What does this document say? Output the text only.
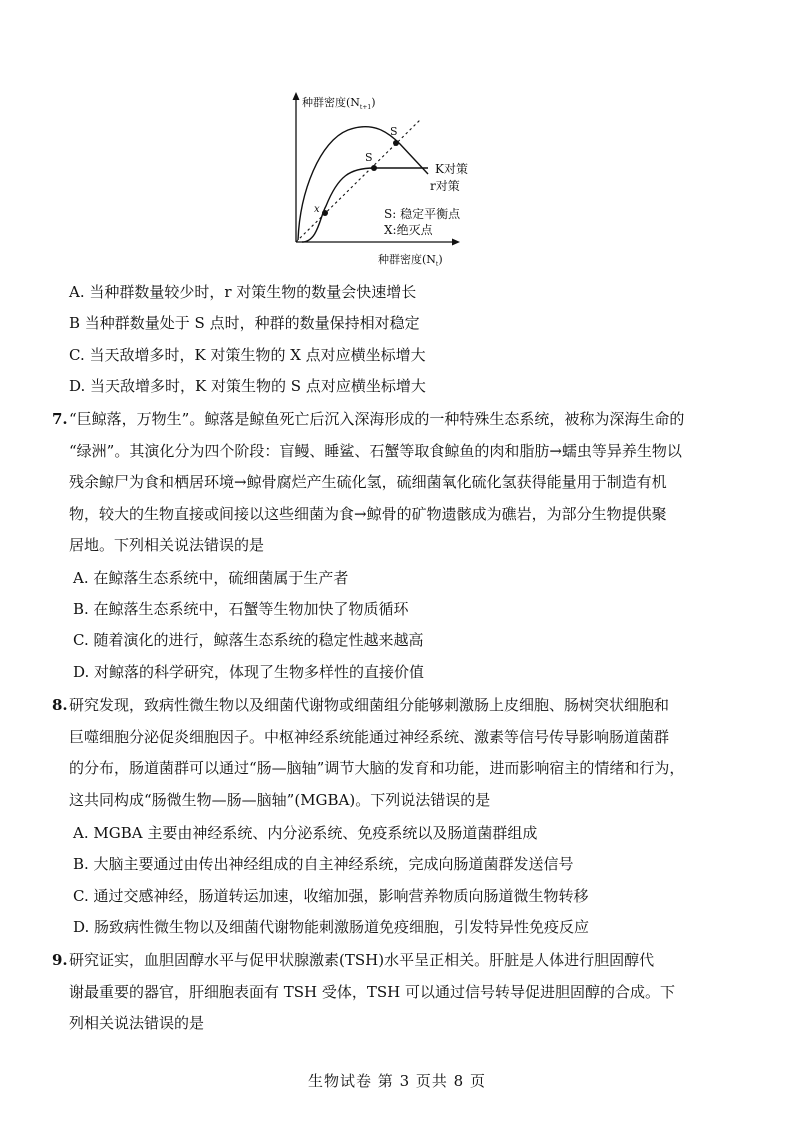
种群密度$(N_{t+1})$
S
S
x
K对策
r对策
S: 稳定平衡点
X:绝灭点
种群密度$(N_t)$
A. 当种群数量较少时，r 对策生物的数量会快速增长
B 当种群数量处于 S 点时，种群的数量保持相对稳定
C. 当天敌增多时，K 对策生物的 X 点对应横坐标增大
D. 当天敌增多时，K 对策生物的 S 点对应横坐标增大
7. “巨鲸落，万物生”。鲸落是鲸鱼死亡后沉入深海形成的一种特殊生态系统，被称为深海生命的
“绿洲”。其演化分为四个阶段：盲鳗、睡鲨、石蟹等取食鲸鱼的肉和脂肪→蠕虫等异养生物以
残余鲸尸为食和栖居环境→鲸骨腐烂产生硫化氢，硫细菌氧化硫化氢获得能量用于制造有机
物，较大的生物直接或间接以这些细菌为食→鲸骨的矿物遗骸成为礁岩，为部分生物提供聚
居地。下列相关说法错误的是
A. 在鲸落生态系统中，硫细菌属于生产者
B. 在鲸落生态系统中，石蟹等生物加快了物质循环
C. 随着演化的进行，鲸落生态系统的稳定性越来越高
D. 对鲸落的科学研究，体现了生物多样性的直接价值
8. 研究发现，致病性微生物以及细菌代谢物或细菌组分能够刺激肠上皮细胞、肠树突状细胞和
巨噬细胞分泌促炎细胞因子。中枢神经系统能通过神经系统、激素等信号传导影响肠道菌群
的分布，肠道菌群可以通过“肠—脑轴”调节大脑的发育和功能，进而影响宿主的情绪和行为，
这共同构成“肠微生物—肠—脑轴”(MGBA)。下列说法错误的是
A. MGBA 主要由神经系统、内分泌系统、免疫系统以及肠道菌群组成
B. 大脑主要通过由传出神经组成的自主神经系统，完成向肠道菌群发送信号
C. 通过交感神经，肠道转运加速，收缩加强，影响营养物质向肠道微生物转移
D. 肠致病性微生物以及细菌代谢物能刺激肠道免疫细胞，引发特异性免疫反应
9. 研究证实，血胆固醇水平与促甲状腺激素(TSH)水平呈正相关。肝脏是人体进行胆固醇代
谢最重要的器官，肝细胞表面有 TSH 受体，TSH 可以通过信号转导促进胆固醇的合成。下
列相关说法错误的是
生物试卷 第 3 页共 8 页
